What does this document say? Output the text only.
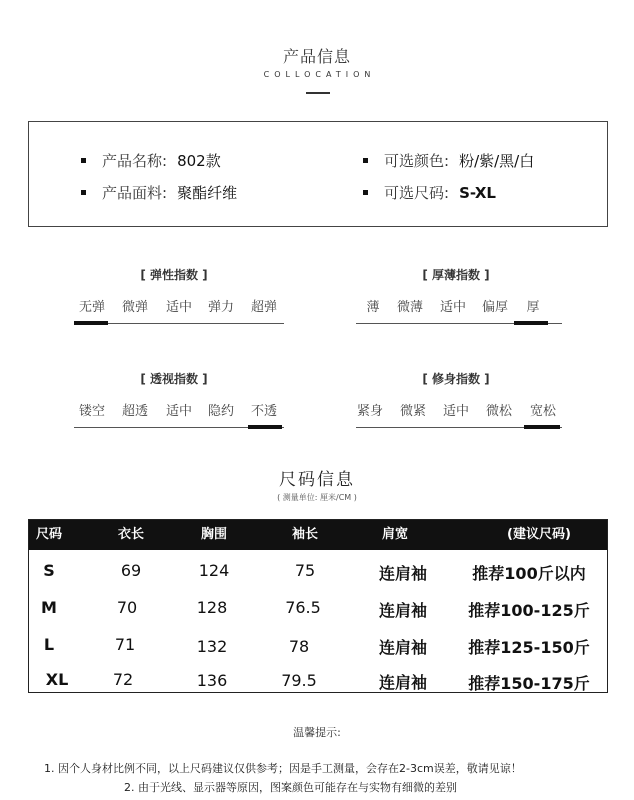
产品信息
COLLOCATION
产品名称: 802款
产品面料: 聚酯纤维
可选颜色: 粉/紫/黑/白
可选尺码: S-XL
[ 弹性指数 ]
无弹 微弹 适中 弹力 超弹
[ 厚薄指数 ]
薄 微薄 适中 偏厚 厚
[ 透视指数 ]
镂空 超透 适中 隐约 不透
[ 修身指数 ]
紧身 微紧 适中 微松 宽松
尺码信息
( 测量单位: 厘米/CM )
尺码	衣长	胸围	袖长	肩宽	(建议尺码)
S	69	124	75	连肩袖	推荐100斤以内
M	70	128	76.5	连肩袖	推荐100-125斤
L	71	132	78	连肩袖	推荐125-150斤
XL	72	136	79.5	连肩袖	推荐150-175斤
温馨提示:
1. 因个人身材比例不同，以上尺码建议仅供参考；因是手工测量，会存在2-3cm误差，敬请见谅！
2. 由于光线、显示器等原因，图案颜色可能存在与实物有细微的差别
